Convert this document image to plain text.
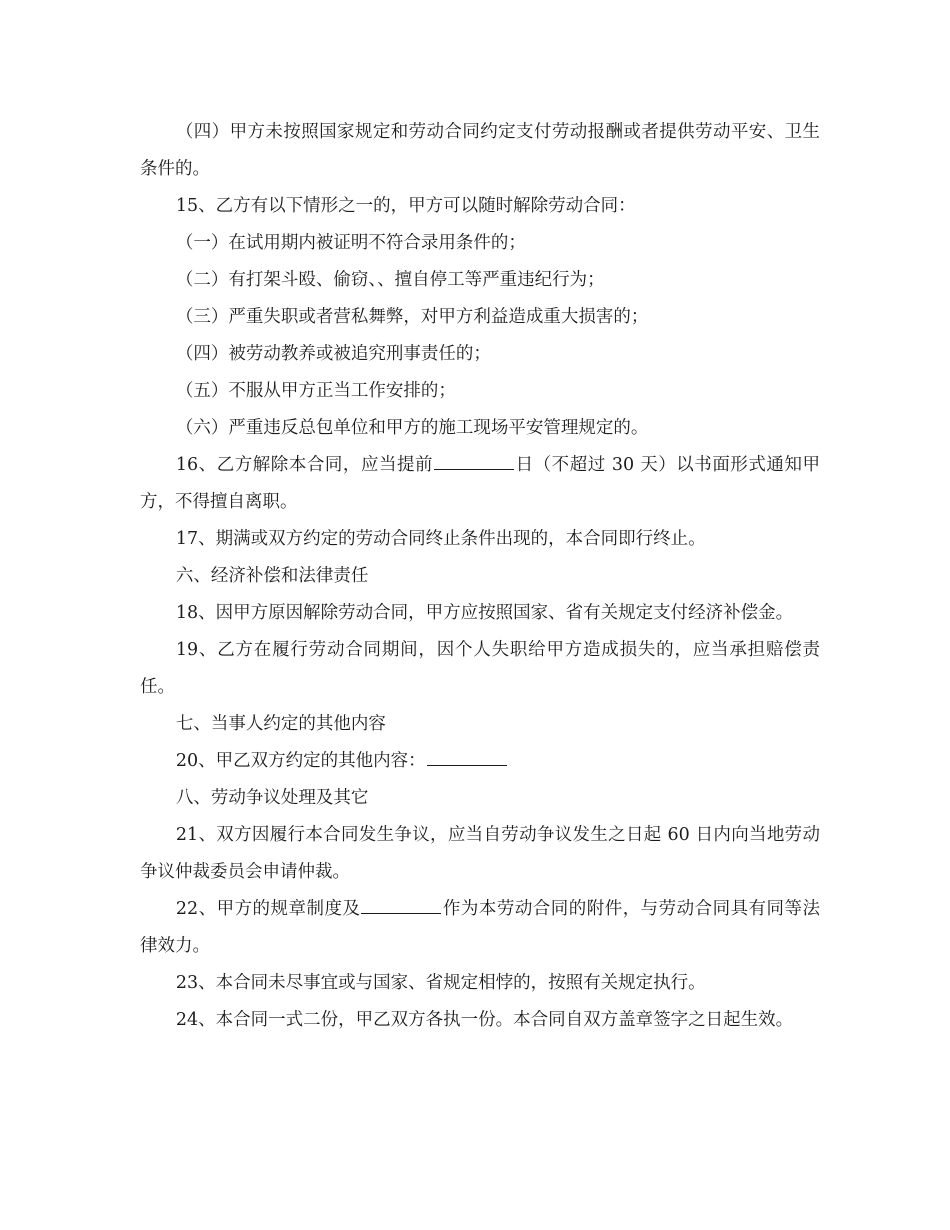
（四）甲方未按照国家规定和劳动合同约定支付劳动报酬或者提供劳动平安、卫生条件的。

15、乙方有以下情形之一的，甲方可以随时解除劳动合同：

（一）在试用期内被证明不符合录用条件的；

（二）有打架斗殴、偷窃、、擅自停工等严重违纪行为；

（三）严重失职或者营私舞弊，对甲方利益造成重大损害的；

（四）被劳动教养或被追究刑事责任的；

（五）不服从甲方正当工作安排的；

（六）严重违反总包单位和甲方的施工现场平安管理规定的。

16、乙方解除本合同，应当提前	日（不超过 30 天）以书面形式通知甲方，不得擅自离职。

17、期满或双方约定的劳动合同终止条件出现的，本合同即行终止。

六、经济补偿和法律责任

18、因甲方原因解除劳动合同，甲方应按照国家、省有关规定支付经济补偿金。

19、乙方在履行劳动合同期间，因个人失职给甲方造成损失的，应当承担赔偿责任。

七、当事人约定的其他内容

20、甲乙双方约定的其他内容：

八、劳动争议处理及其它

21、双方因履行本合同发生争议，应当自劳动争议发生之日起 60 日内向当地劳动争议仲裁委员会申请仲裁。

22、甲方的规章制度及	作为本劳动合同的附件，与劳动合同具有同等法律效力。

23、本合同未尽事宜或与国家、省规定相悖的，按照有关规定执行。

24、本合同一式二份，甲乙双方各执一份。本合同自双方盖章签字之日起生效。
